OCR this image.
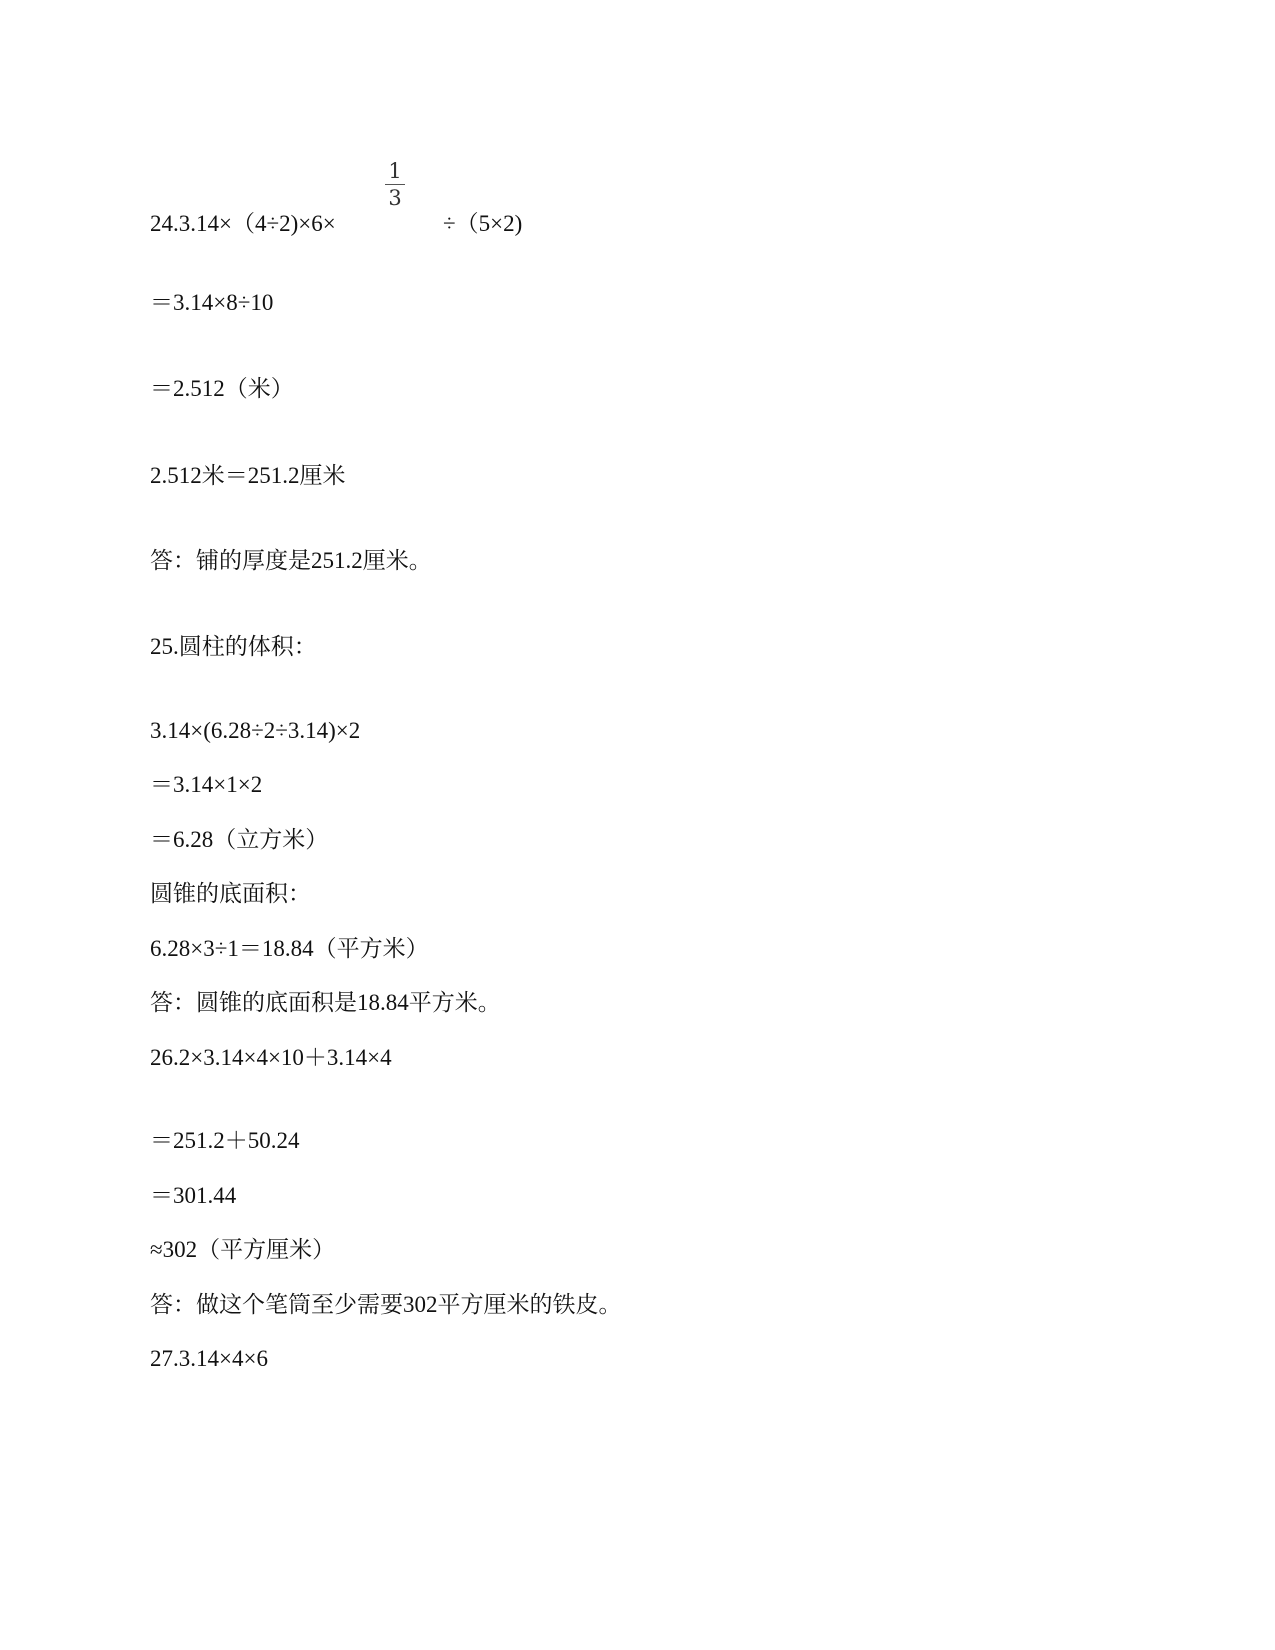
24.3.14×（4÷2)×6×
1
3
÷（5×2)
＝3.14×8÷10
＝2.512（米）
2.512米＝251.2厘米
答：铺的厚度是251.2厘米。
25.圆柱的体积：
3.14×(6.28÷2÷3.14)×2
＝3.14×1×2
＝6.28（立方米）
圆锥的底面积：
6.28×3÷1＝18.84（平方米）
答：圆锥的底面积是18.84平方米。
26.2×3.14×4×10＋3.14×4
＝251.2＋50.24
＝301.44
≈302（平方厘米）
答：做这个笔筒至少需要302平方厘米的铁皮。
27.3.14×4×6
